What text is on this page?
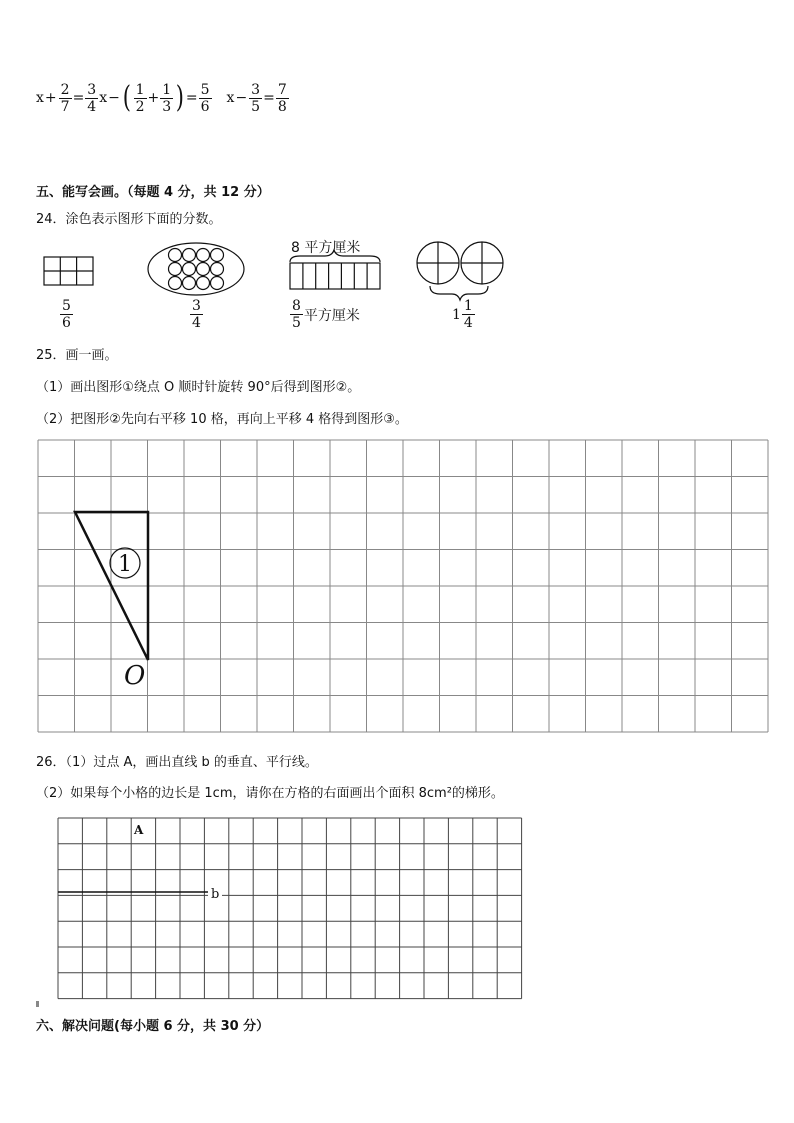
$x + \frac{2}{7} = \frac{3}{4}$ x − ( $\frac{1}{2} + \frac{1}{3}$ ) = $\frac{5}{6}$ $x - \frac{3}{5} = \frac{7}{8}$
五、能写会画。（每题 4 分，共 12 分）
24．涂色表示图形下面的分数。
8 平方厘米
$\frac{5}{6}$	$\frac{3}{4}$	$\frac{8}{5}$ 平方厘米	$1 \frac{1}{4}$
25．画一画。
（1）画出图形①绕点 O 顺时针旋转 90°后得到图形②。
（2）把图形②先向右平移 10 格，再向上平移 4 格得到图形③。
1
O
26．（1）过点 A，画出直线 b 的垂直、平行线。
（2）如果每个小格的边长是 1cm，请你在方格的右面画出个面积 8cm²的梯形。
b
A
六、解决问题(每小题 6 分，共 30 分）
